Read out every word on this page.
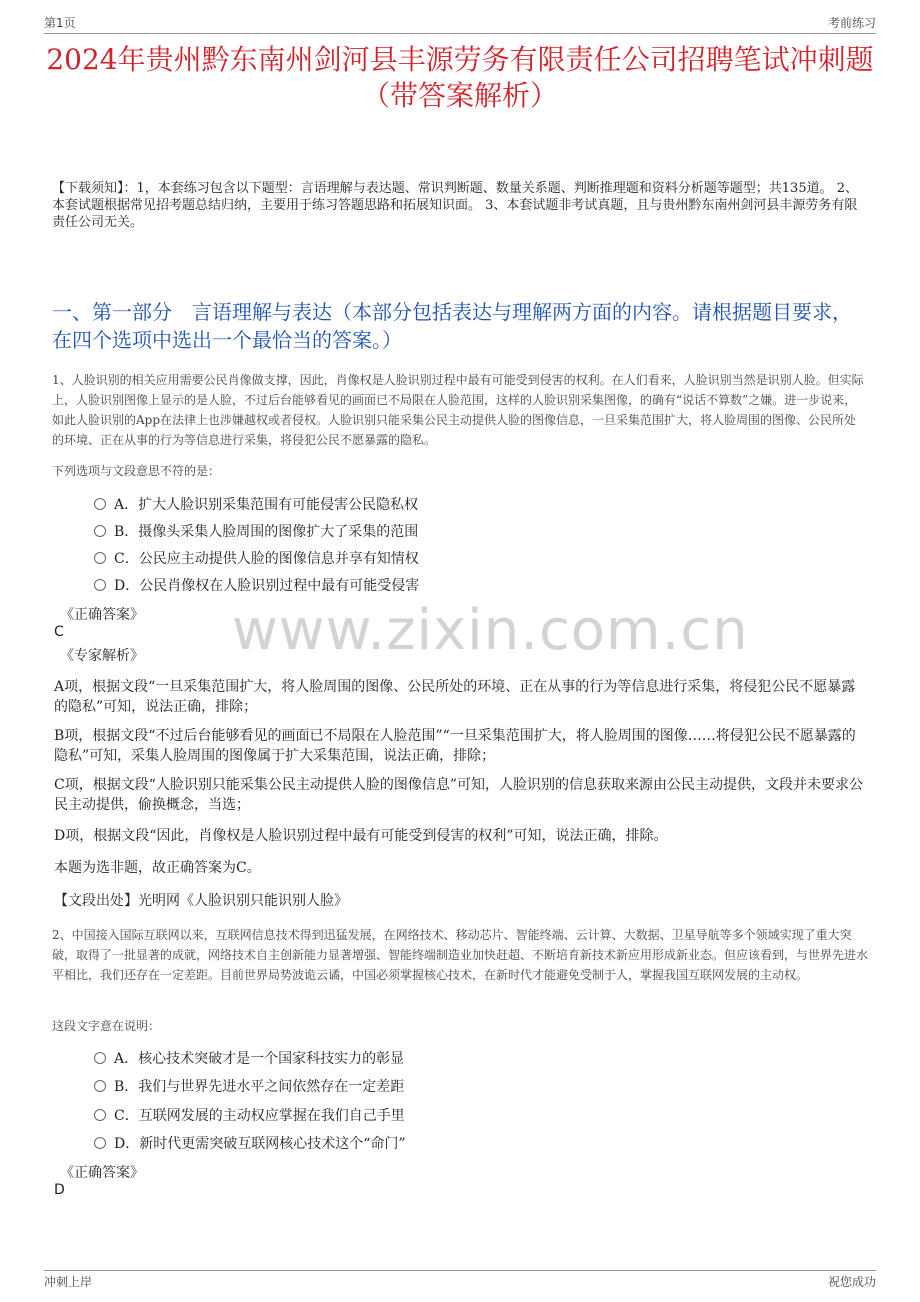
第1页	考前练习
2024年贵州黔东南州剑河县丰源劳务有限责任公司招聘笔试冲刺题（带答案解析）
【下载须知】：1，本套练习包含以下题型：言语理解与表达题、常识判断题、数量关系题、判断推理题和资料分析题等题型；共135道。 2、本套试题根据常见招考题总结归纳，主要用于练习答题思路和拓展知识面。 3、本套试题非考试真题，且与贵州黔东南州剑河县丰源劳务有限责任公司无关。
一、第一部分　言语理解与表达（本部分包括表达与理解两方面的内容。请根据题目要求，在四个选项中选出一个最恰当的答案。）
www.zixin.com.cn
1、人脸识别的相关应用需要公民肖像做支撑，因此，肖像权是人脸识别过程中最有可能受到侵害的权利。在人们看来，人脸识别当然是识别人脸。但实际上，人脸识别图像上显示的是人脸，不过后台能够看见的画面已不局限在人脸范围，这样的人脸识别采集图像，的确有“说话不算数”之嫌。进一步说来，如此人脸识别的App在法律上也涉嫌越权或者侵权。人脸识别只能采集公民主动提供人脸的图像信息，一旦采集范围扩大，将人脸周围的图像、公民所处的环境、正在从事的行为等信息进行采集，将侵犯公民不愿暴露的隐私。
下列选项与文段意思不符的是：
A．扩大人脸识别采集范围有可能侵害公民隐私权
B．摄像头采集人脸周围的图像扩大了采集的范围
C．公民应主动提供人脸的图像信息并享有知情权
D．公民肖像权在人脸识别过程中最有可能受侵害
《正确答案》
C
《专家解析》
A项，根据文段“一旦采集范围扩大，将人脸周围的图像、公民所处的环境、正在从事的行为等信息进行采集，将侵犯公民不愿暴露的隐私”可知，说法正确，排除；
B项，根据文段“不过后台能够看见的画面已不局限在人脸范围”“一旦采集范围扩大，将人脸周围的图像……将侵犯公民不愿暴露的隐私”可知，采集人脸周围的图像属于扩大采集范围，说法正确，排除；
C项，根据文段“人脸识别只能采集公民主动提供人脸的图像信息”可知，人脸识别的信息获取来源由公民主动提供，文段并未要求公民主动提供，偷换概念，当选；
D项，根据文段“因此，肖像权是人脸识别过程中最有可能受到侵害的权利”可知，说法正确，排除。
本题为选非题，故正确答案为C。
【文段出处】光明网《人脸识别只能识别人脸》
2、中国接入国际互联网以来，互联网信息技术得到迅猛发展，在网络技术、移动芯片、智能终端、云计算、大数据、卫星导航等多个领域实现了重大突破，取得了一批显著的成就，网络技术自主创新能力显著增强、智能终端制造业加快赶超、不断培育新技术新应用形成新业态。但应该看到，与世界先进水平相比，我们还存在一定差距。目前世界局势波诡云谲，中国必须掌握核心技术，在新时代才能避免受制于人，掌握我国互联网发展的主动权。
这段文字意在说明：
A．核心技术突破才是一个国家科技实力的彰显
B．我们与世界先进水平之间依然存在一定差距
C．互联网发展的主动权应掌握在我们自己手里
D．新时代更需突破互联网核心技术这个“命门”
《正确答案》
D
冲刺上岸	祝您成功
